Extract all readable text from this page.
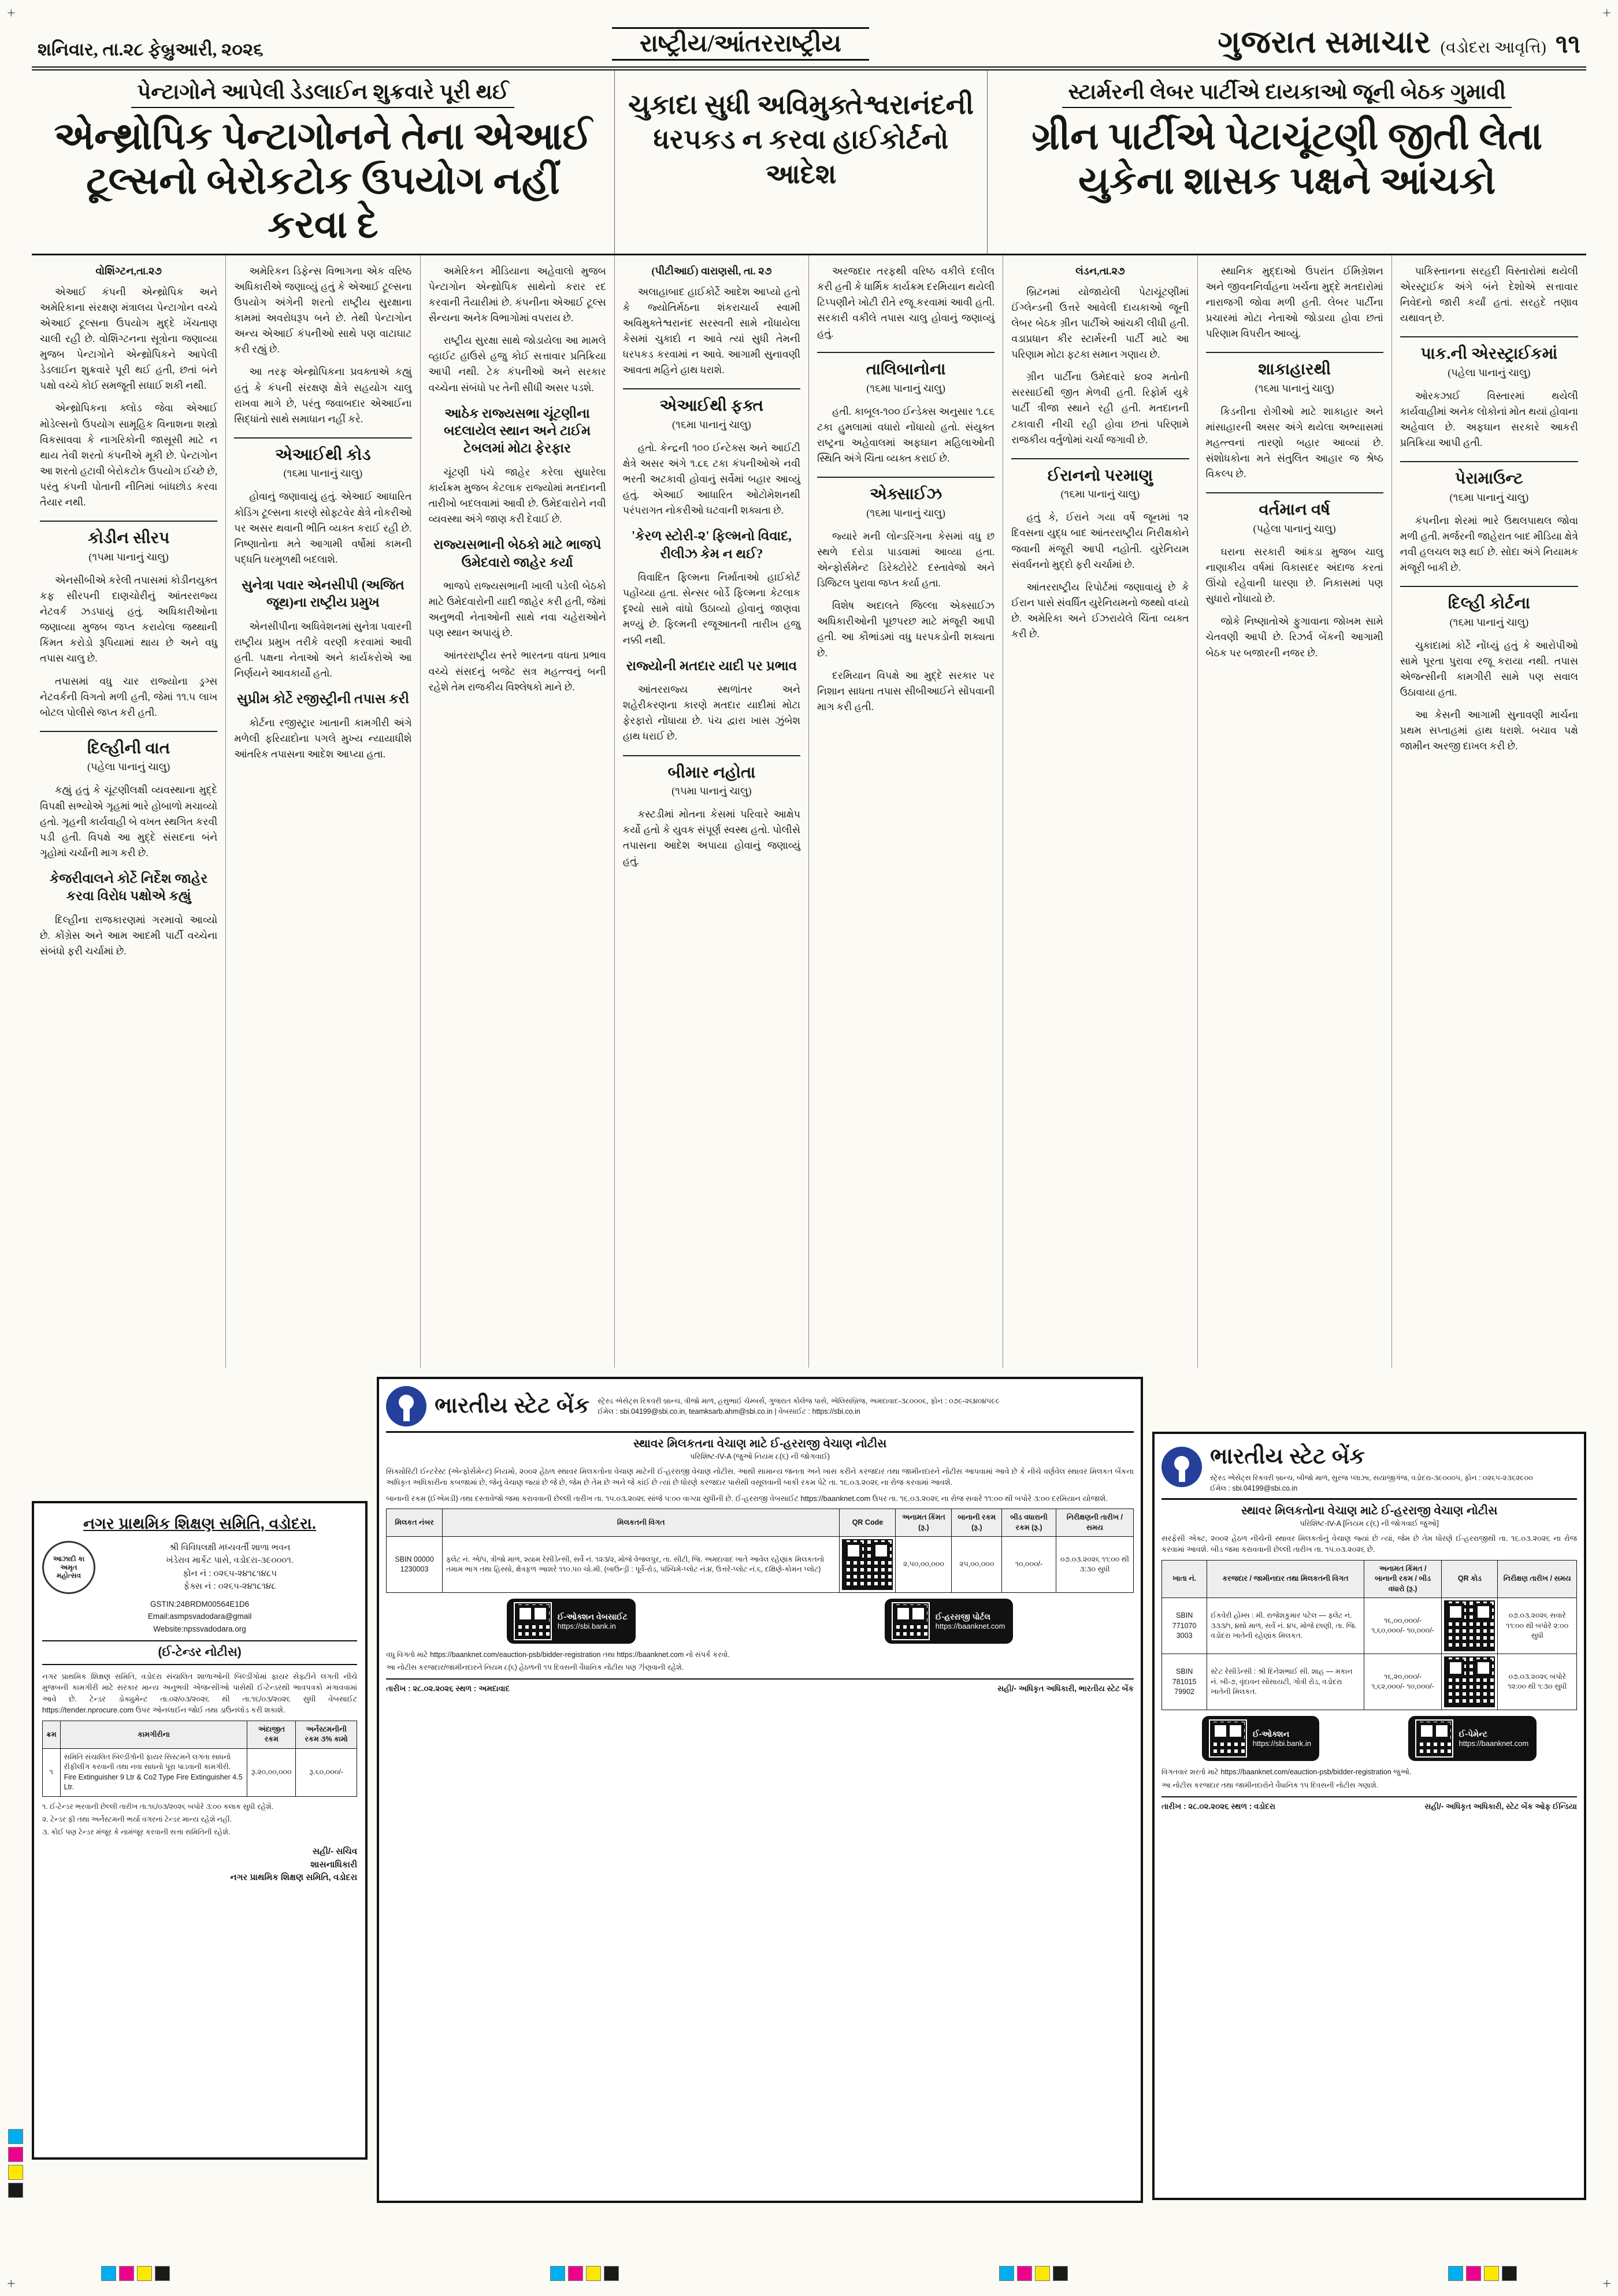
+	+
શનિવાર, તા.૨૮ ફેબ્રુઆરી, ૨૦૨૬	રાષ્ટ્રીય/આંતરરાષ્ટ્રીય	ગુજરાત સમાચાર (વડોદરા આવૃત્તિ) ૧૧
પેન્ટાગોને આપેલી ડેડલાઈન શુક્રવારે પૂરી થઈ
એન્થ્રોપિક પેન્ટાગોનને તેના એઆઈ ટૂલ્સનો બેરોકટોક ઉપયોગ નહીં કરવા દે
ચુકાદા સુધી અવિમુક્તેશ્વરાનંદની ધરપકડ ન કરવા હાઈકોર્ટનો આદેશ
સ્ટાર્મરની લેબર પાર્ટીએ દાયકાઓ જૂની બેઠક ગુમાવી
ગ્રીન પાર્ટીએ પેટાચૂંટણી જીતી લેતા યુકેના શાસક પક્ષને આંચકો
વોશિંગ્ટન,તા.૨૭

એઆઈ કંપની એન્થ્રોપિક અને અમેરિકાના સંરક્ષણ મંત્રાલય પેન્ટાગોન વચ્ચે એઆઈ ટૂલ્સના ઉપયોગ મુદ્દે ખેંચતાણ ચાલી રહી છે. વોશિંગ્ટનના સૂત્રોના જણાવ્યા મુજબ પેન્ટાગોને એન્થ્રોપિકને આપેલી ડેડલાઈન શુક્રવારે પૂરી થઈ હતી, છતાં બંને પક્ષો વચ્ચે કોઈ સમજૂતી સધાઈ શકી નથી.

એન્થ્રોપિકના ક્લોડ જેવા એઆઈ મોડેલ્સનો ઉપયોગ સામૂહિક વિનાશના શસ્ત્રો વિકસાવવા કે નાગરિકોની જાસૂસી માટે ન થાય તેવી શરતો કંપનીએ મૂકી છે. પેન્ટાગોન આ શરતો હટાવી બેરોકટોક ઉપયોગ ઈચ્છે છે, પરંતુ કંપની પોતાની નીતિમાં બાંધછોડ કરવા તૈયાર નથી.

કોડીન સીરપ
(૧૫મા પાનાનું ચાલુ)

એનસીબીએ કરેલી તપાસમાં કોડીનયુક્ત કફ સીરપની દાણચોરીનું આંતરરાજ્ય નેટવર્ક ઝડપાયું હતું. અધિકારીઓના જણાવ્યા મુજબ જપ્ત કરાયેલા જથ્થાની કિંમત કરોડો રૂપિયામાં થાય છે અને વધુ તપાસ ચાલુ છે.

તપાસમાં વધુ ચાર રાજ્યોના ડ્રગ્સ નેટવર્કની વિગતો મળી હતી, જેમાં ૧૧.૫ લાખ બોટલ પોલીસે જપ્ત કરી હતી.

દિલ્હીની વાત
(પહેલા પાનાનું ચાલુ)

કહ્યું હતું કે ચૂંટણીલક્ષી વ્યવસ્થાના મુદ્દે વિપક્ષી સભ્યોએ ગૃહમાં ભારે હોબાળો મચાવ્યો હતો. ગૃહની કાર્યવાહી બે વખત સ્થગિત કરવી પડી હતી. વિપક્ષે આ મુદ્દે સંસદના બંને ગૃહોમાં ચર્ચાની માગ કરી છે.

કેજરીવાલને કોર્ટે નિર્દેશ જાહેર કરવા વિરોધ પક્ષોએ કહ્યું

દિલ્હીના રાજકારણમાં ગરમાવો આવ્યો છે. કોંગ્રેસ અને આમ આદમી પાર્ટી વચ્ચેના સંબંધો ફરી ચર્ચામાં છે.

અમેરિકન ડિફેન્સ વિભાગના એક વરિષ્ઠ અધિકારીએ જણાવ્યું હતું કે એઆઈ ટૂલ્સના ઉપયોગ અંગેની શરતો રાષ્ટ્રીય સુરક્ષાના કામમાં અવરોધરૂપ બને છે. તેથી પેન્ટાગોન અન્ય એઆઈ કંપનીઓ સાથે પણ વાટાઘાટ કરી રહ્યું છે.

આ તરફ એન્થ્રોપિકના પ્રવક્તાએ કહ્યું હતું કે કંપની સંરક્ષણ ક્ષેત્રે સહયોગ ચાલુ રાખવા માગે છે, પરંતુ જવાબદાર એઆઈના સિદ્ધાંતો સાથે સમાધાન નહીં કરે.

એઆઈથી કોડ
(૧૬મા પાનાનું ચાલુ)

હોવાનું જણાવાયું હતું. એઆઈ આધારિત કોડિંગ ટૂલ્સના કારણે સોફ્ટવેર ક્ષેત્રે નોકરીઓ પર અસર થવાની ભીતિ વ્યક્ત કરાઈ રહી છે. નિષ્ણાતોના મતે આગામી વર્ષોમાં કામની પદ્ધતિ ધરમૂળથી બદલાશે.

સુનેત્રા પવાર એનસીપી (અજિત જૂથ)ના રાષ્ટ્રીય પ્રમુખ

એનસીપીના અધિવેશનમાં સુનેત્રા પવારની રાષ્ટ્રીય પ્રમુખ તરીકે વરણી કરવામાં આવી હતી. પક્ષના નેતાઓ અને કાર્યકરોએ આ નિર્ણયને આવકાર્યો હતો.

સુપ્રીમ કોર્ટે રજીસ્ટ્રીની તપાસ કરી

કોર્ટના રજીસ્ટ્રાર ખાતાની કામગીરી અંગે મળેલી ફરિયાદોના પગલે મુખ્ય ન્યાયાધીશે આંતરિક તપાસના આદેશ આપ્યા હતા.

અમેરિકન મીડિયાના અહેવાલો મુજબ પેન્ટાગોન એન્થ્રોપિક સાથેનો કરાર રદ કરવાની તૈયારીમાં છે. કંપનીના એઆઈ ટૂલ્સ સૈન્યના અનેક વિભાગોમાં વપરાય છે.

રાષ્ટ્રીય સુરક્ષા સાથે જોડાયેલા આ મામલે વ્હાઈટ હાઉસે હજુ કોઈ સત્તાવાર પ્રતિક્રિયા આપી નથી. ટેક કંપનીઓ અને સરકાર વચ્ચેના સંબંધો પર તેની સીધી અસર પડશે.

આઠેક રાજ્યસભા ચૂંટણીના બદલાયેલ સ્થાન અને ટાઈમ ટેબલમાં મોટા ફેરફાર

ચૂંટણી પંચે જાહેર કરેલા સુધારેલા કાર્યક્રમ મુજબ કેટલાક રાજ્યોમાં મતદાનની તારીખો બદલવામાં આવી છે. ઉમેદવારોને નવી વ્યવસ્થા અંગે જાણ કરી દેવાઈ છે.

રાજ્યસભાની બેઠકો માટે ભાજપે ઉમેદવારો જાહેર કર્યા

ભાજપે રાજ્યસભાની ખાલી પડેલી બેઠકો માટે ઉમેદવારોની યાદી જાહેર કરી હતી, જેમાં અનુભવી નેતાઓની સાથે નવા ચહેરાઓને પણ સ્થાન અપાયું છે.

આંતરરાષ્ટ્રીય સ્તરે ભારતના વધતા પ્રભાવ વચ્ચે સંસદનું બજેટ સત્ર મહત્ત્વનું બની રહેશે તેમ રાજકીય વિશ્લેષકો માને છે.

(પીટીઆઈ) વારાણસી, તા. ૨૭

અલાહાબાદ હાઈકોર્ટે આદેશ આપ્યો હતો કે જ્યોતિર્મઠના શંકરાચાર્ય સ્વામી અવિમુક્તેશ્વરાનંદ સરસ્વતી સામે નોંધાયેલા કેસમાં ચુકાદો ન આવે ત્યાં સુધી તેમની ધરપકડ કરવામાં ન આવે. આગામી સુનાવણી આવતા મહિને હાથ ધરાશે.

એઆઈથી ફક્ત
(૧૬મા પાનાનું ચાલુ)

હતો. કેન્દ્રની ૧૦૦ ઈન્ટેક્સ અને આઈટી ક્ષેત્રે અસર અંગે ૧.૮૬ ટકા કંપનીઓએ નવી ભરતી અટકાવી હોવાનું સર્વેમાં બહાર આવ્યું હતું. એઆઈ આધારિત ઓટોમેશનથી પરંપરાગત નોકરીઓ ઘટવાની શક્યતા છે.

'કેરળ સ્ટોરી-૨' ફિલ્મનો વિવાદ, રીલીઝ કેમ ન થઈ?

વિવાદિત ફિલ્મના નિર્માતાઓ હાઈકોર્ટ પહોંચ્યા હતા. સેન્સર બોર્ડે ફિલ્મના કેટલાક દૃશ્યો સામે વાંધો ઉઠાવ્યો હોવાનું જાણવા મળ્યું છે. ફિલ્મની રજૂઆતની તારીખ હજુ નક્કી નથી.

રાજ્યોની મતદાર યાદી પર પ્રભાવ

આંતરરાજ્ય સ્થળાંતર અને શહેરીકરણના કારણે મતદાર યાદીમાં મોટા ફેરફારો નોંધાયા છે. પંચ દ્વારા ખાસ ઝુંબેશ હાથ ધરાઈ છે.

બીમાર નહોતા
(૧૫મા પાનાનું ચાલુ)

કસ્ટડીમાં મોતના કેસમાં પરિવારે આક્ષેપ કર્યો હતો કે યુવક સંપૂર્ણ સ્વસ્થ હતો. પોલીસે તપાસના આદેશ અપાયા હોવાનું જણાવ્યું હતું.

અરજદાર તરફથી વરિષ્ઠ વકીલે દલીલ કરી હતી કે ધાર્મિક કાર્યક્રમ દરમિયાન થયેલી ટિપ્પણીને ખોટી રીતે રજૂ કરવામાં આવી હતી. સરકારી વકીલે તપાસ ચાલુ હોવાનું જણાવ્યું હતું.

તાલિબાનોના
(૧૬મા પાનાનું ચાલુ)

હતી. કાબૂલ-૧૦૦ ઈન્ડેક્સ અનુસાર ૧.૮૬ ટકા હુમલામાં વધારો નોંધાયો હતો. સંયુક્ત રાષ્ટ્રના અહેવાલમાં અફઘાન મહિલાઓની સ્થિતિ અંગે ચિંતા વ્યક્ત કરાઈ છે.

એક્સાઈઝ
(૧૬મા પાનાનું ચાલુ)

જ્યારે મની લોન્ડરિંગના કેસમાં વધુ છ સ્થળે દરોડા પાડવામાં આવ્યા હતા. એન્ફોર્સમેન્ટ ડિરેક્ટોરેટે દસ્તાવેજો અને ડિજિટલ પુરાવા જપ્ત કર્યા હતા.

વિશેષ અદાલતે જિલ્લા એક્સાઈઝ અધિકારીઓની પૂછપરછ માટે મંજૂરી આપી હતી. આ કૌભાંડમાં વધુ ધરપકડોની શક્યતા છે.

દરમિયાન વિપક્ષે આ મુદ્દે સરકાર પર નિશાન સાધતા તપાસ સીબીઆઈને સોંપવાની માગ કરી હતી.

લંડન,તા.૨૭

બ્રિટનમાં યોજાયેલી પેટાચૂંટણીમાં ઈંગ્લેન્ડની ઉત્તરે આવેલી દાયકાઓ જૂની લેબર બેઠક ગ્રીન પાર્ટીએ આંચકી લીધી હતી. વડાપ્રધાન કીર સ્ટાર્મરની પાર્ટી માટે આ પરિણામ મોટા ફટકા સમાન ગણાય છે.

ગ્રીન પાર્ટીના ઉમેદવારે ૪૦૨ મતોની સરસાઈથી જીત મેળવી હતી. રિફોર્મ યુકે પાર્ટી ત્રીજા સ્થાને રહી હતી. મતદાનની ટકાવારી નીચી રહી હોવા છતાં પરિણામે રાજકીય વર્તુળોમાં ચર્ચા જગાવી છે.

ઈરાનનો પરમાણુ
(૧૬મા પાનાનું ચાલુ)

હતું કે, ઈરાને ગયા વર્ષે જૂનમાં ૧૨ દિવસના યુદ્ધ બાદ આંતરરાષ્ટ્રીય નિરીક્ષકોને જવાની મંજૂરી આપી નહોતી. યુરેનિયમ સંવર્ધનનો મુદ્દો ફરી ચર્ચામાં છે.

આંતરરાષ્ટ્રીય રિપોર્ટમાં જણાવાયું છે કે ઈરાન પાસે સંવર્ધિત યુરેનિયમનો જથ્થો વધ્યો છે. અમેરિકા અને ઈઝરાયેલે ચિંતા વ્યક્ત કરી છે.

સ્થાનિક મુદ્દાઓ ઉપરાંત ઈમિગ્રેશન અને જીવનનિર્વાહના ખર્ચના મુદ્દે મતદારોમાં નારાજગી જોવા મળી હતી. લેબર પાર્ટીના પ્રચારમાં મોટા નેતાઓ જોડાયા હોવા છતાં પરિણામ વિપરીત આવ્યું.

શાકાહારથી
(૧૬મા પાનાનું ચાલુ)

કિડનીના રોગીઓ માટે શાકાહાર અને માંસાહારની અસર અંગે થયેલા અભ્યાસમાં મહત્ત્વનાં તારણો બહાર આવ્યાં છે. સંશોધકોના મતે સંતુલિત આહાર જ શ્રેષ્ઠ વિકલ્પ છે.

વર્તમાન વર્ષ
(પહેલા પાનાનું ચાલુ)

ઘરાના સરકારી આંકડા મુજબ ચાલુ નાણાકીય વર્ષમાં વિકાસદર અંદાજ કરતાં ઊંચો રહેવાની ધારણા છે. નિકાસમાં પણ સુધારો નોંધાયો છે.

જોકે નિષ્ણાતોએ ફુગાવાના જોખમ સામે ચેતવણી આપી છે. રિઝર્વ બેંકની આગામી બેઠક પર બજારની નજર છે.

પાકિસ્તાનના સરહદી વિસ્તારોમાં થયેલી એરસ્ટ્રાઈક અંગે બંને દેશોએ સત્તાવાર નિવેદનો જારી કર્યાં હતાં. સરહદે તણાવ યથાવત્ છે.

પાક.ની એરસ્ટ્રાઈકમાં
(પહેલા પાનાનું ચાલુ)

ઓરકઝાઈ વિસ્તારમાં થયેલી કાર્યવાહીમાં અનેક લોકોનાં મોત થયાં હોવાના અહેવાલ છે. અફઘાન સરકારે આકરી પ્રતિક્રિયા આપી હતી.

પેરામાઉન્ટ
(૧૬મા પાનાનું ચાલુ)

કંપનીના શેરમાં ભારે ઉથલપાથલ જોવા મળી હતી. મર્જરની જાહેરાત બાદ મીડિયા ક્ષેત્રે નવી હલચલ શરૂ થઈ છે. સોદા અંગે નિયામક મંજૂરી બાકી છે.

દિલ્હી કોર્ટના
(૧૬મા પાનાનું ચાલુ)

ચુકાદામાં કોર્ટે નોંધ્યું હતું કે આરોપીઓ સામે પૂરતા પુરાવા રજૂ કરાયા નથી. તપાસ એજન્સીની કામગીરી સામે પણ સવાલ ઉઠાવાયા હતા.

આ કેસની આગામી સુનાવણી માર્ચના પ્રથમ સપ્તાહમાં હાથ ધરાશે. બચાવ પક્ષે જામીન અરજી દાખલ કરી છે.

નગર પ્રાથમિક શિક્ષણ સમિતિ, વડોદરા.
આઝાદી કા અમૃત મહોત્સવ
શ્રી વિવિધલક્ષી મધ્યવર્તી શાળા ભવન
ખંડેરાવ માર્કેટ પાસે, વડોદરા-૩૯૦૦૦૧.
ફોન નં : ૦૨૬૫-૨૪૧૮૧૪૮૫
ફેક્સ નં : ૦૨૬૫-૨૪૧૮૧૪૮
GSTIN:24BRDM00564E1D6
Email:asmpsvadodara@gmail
Website:npssvadodara.org
(ઈ-ટેન્ડર નોટીસ)
નગર પ્રાથમિક શિક્ષણ સમિતિ, વડોદરા સંચાલિત શાળાઓની બિલ્ડીંગોમાં ફાયર સેફ્ટીને લગતી નીચે મુજબની કામગીરી માટે સરકાર માન્ય અનુભવી એજન્સીઓ પાસેથી ઈ-ટેન્ડરથી ભાવપત્રકો મંગાવવામાં આવે છે. ટેન્ડર ડોક્યુમેન્ટ તા.૦૨/૦૩/૨૦૨૬ થી તા.૧૬/૦૩/૨૦૨૬ સુધી વેબસાઈટ https://tender.nprocure.com ઉપર ઓનલાઈન જોઈ તથા ડાઉનલોડ કરી શકાશે.
ક્રમ	કામગીરીના	અંદાજીત રકમ	અર્નેસ્ટમનીની રકમ ૩% કામો
૧	સમિતિ સંચાલિત બિલ્ડીંગોની ફાયર સિસ્ટમને લગતા સાધનો રીફીલીંગ કરવાની તથા નવા સાધનો પૂરા પાડવાની કામગીરી. Fire Extinguisher 9 Ltr & Co2 Type Fire Extinguisher 4.5 Ltr.	રૂ.૨૦,૦૦,૦૦૦	રૂ.૬૦,૦૦૦/-
૧. ઈ-ટેન્ડર ભરવાની છેલ્લી તારીખ તા.૧૬/૦૩/૨૦૨૬ બપોરે ૩:૦૦ કલાક સુધી રહેશે.
૨. ટેન્ડર ફી તથા અર્નેસ્ટમની ભર્યા વગરનાં ટેન્ડર માન્ય રહેશે નહીં.
૩. કોઈ પણ ટેન્ડર મંજૂર કે નામંજૂર કરવાની સત્તા સમિતિની રહેશે.
સહી/- સચિવ
શાસનાધિકારી
નગર પ્રાથમિક શિક્ષણ સમિતિ, વડોદરા
ભારતીય સ્ટેટ બેંક સ્ટ્રેસ્ડ એસેટ્સ રિકવરી બ્રાન્ચ, ત્રીજો માળ, હસુભાઈ ચેમ્બર્સ, ગુજરાત કોલેજ પાસે, એલિસબ્રિજ, અમદાવાદ-૩૮૦૦૦૬, ફોન : ૦૭૯-૨૬૪૦૪૫૯૯
ઈમેલ : sbi.04199@sbi.co.in, teamksarb.ahm@sbi.co.in | વેબસાઈટ : https://sbi.co.in
સ્થાવર મિલકતના વેચાણ માટે ઈ-હરરાજી વેચાણ નોટીસ
પરિશિષ્ટ-IV-A (જુઓ નિયમ ૮(૬) ની જોગવાઈ)
સિક્યોરિટી ઈન્ટરેસ્ટ (એન્ફોર્સમેન્ટ) નિયમો, ૨૦૦૨ હેઠળ સ્થાવર મિલકતોના વેચાણ માટેની ઈ-હરરાજી વેચાણ નોટીસ. આથી સામાન્ય જનતા અને ખાસ કરીને કરજદાર તથા જામીનદારને નોટીસ આપવામાં આવે છે કે નીચે વર્ણવેલ સ્થાવર મિલકત બેંકના અધિકૃત અધિકારીના કબજામાં છે, જેનું વેચાણ જ્યાં છે જે છે, જેમ છે તેમ છે અને જે કાંઈ છે ત્યાં છે ધોરણે કરજદાર પાસેથી વસૂલવાની બાકી રકમ પેટે તા. ૧૬.૦૩.૨૦૨૬ ના રોજ કરવામાં આવશે.
બાનાની રકમ (ઈએમડી) તથા દસ્તાવેજો જમા કરાવવાની છેલ્લી તારીખ તા. ૧૫.૦૩.૨૦૨૬ સાંજે ૫:૦૦ વાગ્યા સુધીની છે. ઈ-હરરાજી વેબસાઈટ https://baanknet.com ઉપર તા. ૧૬.૦૩.૨૦૨૬ ના રોજ સવારે ૧૧:૦૦ થી બપોરે ૩:૦૦ દરમિયાન યોજાશે.
મિલકત નંબર	મિલકતની વિગત	QR Code	અનામત કિંમત (રૂ.)	બાનાની રકમ (રૂ.)	બીડ વધારાની રકમ (રૂ.)	નિરીક્ષણની તારીખ / સમય
SBIN 00000 1230003	ફ્લેટ નં. એ/૫, ત્રીજો માળ, શ્યામ રેસીડેન્સી, સર્વે નં. ૧૨૩/૨, મોજે વેજલપુર, તા. સીટી, જિ. અમદાવાદ ખાતે આવેલ રહેણાંક મિલકતનો તમામ ભાગ તથા હિસ્સો, ક્ષેત્રફળ આશરે ૧૧૦.૫૦ ચો.મી. (બાઉન્ડ્રી : પૂર્વે-રોડ, પશ્ચિમે-પ્લોટ નં.૪, ઉત્તરે-પ્લોટ નં.૬, દક્ષિણે-કોમન પ્લોટ)		૨,૫૦,૦૦,૦૦૦	૨૫,૦૦,૦૦૦	૧૦,૦૦૦/-	૦૭.૦૩.૨૦૨૬ ૧૧:૦૦ થી ૩:૩૦ સુધી
ઈ-ઓક્શન વેબસાઈટ
https://sbi.bank.in
ઈ-હરરાજી પોર્ટલ
https://baanknet.com
વધુ વિગતો માટે https://baanknet.com/eauction-psb/bidder-registration તથા https://baanknet.com નો સંપર્ક કરવો.
આ નોટીસ કરજદાર/જામીનદારને નિયમ ૮(૬) હેઠળની ૧૫ દિવસની વૈધાનિક નોટીસ પણ 가ણવાની રહેશે.
તારીખ : ૨૮.૦૨.૨૦૨૬ સ્થળ : અમદાવાદ	સહી/- અધિકૃત અધિકારી, ભારતીય સ્ટેટ બેંક
ભારતીય સ્ટેટ બેંક
સ્ટ્રેસ્ડ એસેટ્સ રિકવરી બ્રાન્ચ, બીજો માળ, સુરજ પ્લાઝા, સયાજીગંજ, વડોદરા-૩૯૦૦૦૫, ફોન : ૦૨૬૫-૨૩૬૨૯૦૦
ઈમેલ : sbi.04199@sbi.co.in
સ્થાવર મિલકતોના વેચાણ માટે ઈ-હરરાજી વેચાણ નોટીસ
પરિશિષ્ટ-IV-A [નિયમ ૮(૬) ની જોગવાઈ જુઓ]
સરફેસી એક્ટ, ૨૦૦૨ હેઠળ નીચેની સ્થાવર મિલકતોનું વેચાણ જ્યાં છે ત્યાં, જેમ છે તેમ ધોરણે ઈ-હરરાજીથી તા. ૧૬.૦૩.૨૦૨૬ ના રોજ કરવામાં આવશે. બીડ જમા કરાવવાની છેલ્લી તારીખ તા. ૧૫.૦૩.૨૦૨૬ છે.
ખાતા નં.	કરજદાર / જામીનદાર તથા મિલકતની વિગત	અનામત કિંમત / બાનાની રકમ / બીડ વધારો (રૂ.)	QR કોડ	નિરીક્ષણ તારીખ / સમય
SBIN 771070 3003	ઈકવેરી હોમ્સ : મી. રાજેશકુમાર પટેલ — ફ્લેટ નં. ૩૩૩/૧, ૪થો માળ, સર્વે નં. ૪૫, મોજે છાણી, તા. જિ. વડોદરા ખાતેની રહેણાંક મિલકત.	૧૬,૦૦,૦૦૦/- ૧,૬૦,૦૦૦/- ૧૦,૦૦૦/-		૦૭.૦૩.૨૦૨૬ સવારે ૧૧:૦૦ થી બપોરે ૨:૦૦ સુધી
SBIN 781015 79902	સ્ટેટ રેસીડેન્સી : શ્રી દિનેશભાઈ સી. શાહ — મકાન નં. બી-૭, વૃંદાવન સોસાયટી, ગોત્રી રોડ, વડોદરા ખાતેની મિલકત.	૧૬,૨૦,૦૦૦/- ૧,૬૨,૦૦૦/- ૧૦,૦૦૦/-		૦૭.૦૩.૨૦૨૬ બપોરે ૧૨:૦૦ થી ૧:૩૦ સુધી
ઈ-ઓક્શન
https://sbi.bank.in
ઈ-પેમેન્ટ
https://baanknet.com
વિગતવાર શરતો માટે https://baanknet.com/eauction-psb/bidder-registration જુઓ.
આ નોટીસ કરજદાર તથા જામીનદારોને વૈધાનિક ૧૫ દિવસની નોટીસ ગણાશે.
તારીખ : ૨૮.૦૨.૨૦૨૬ સ્થળ : વડોદરા	સહી/- અધિકૃત અધિકારી, સ્ટેટ બેંક ઓફ ઈન્ડિયા
+	+
